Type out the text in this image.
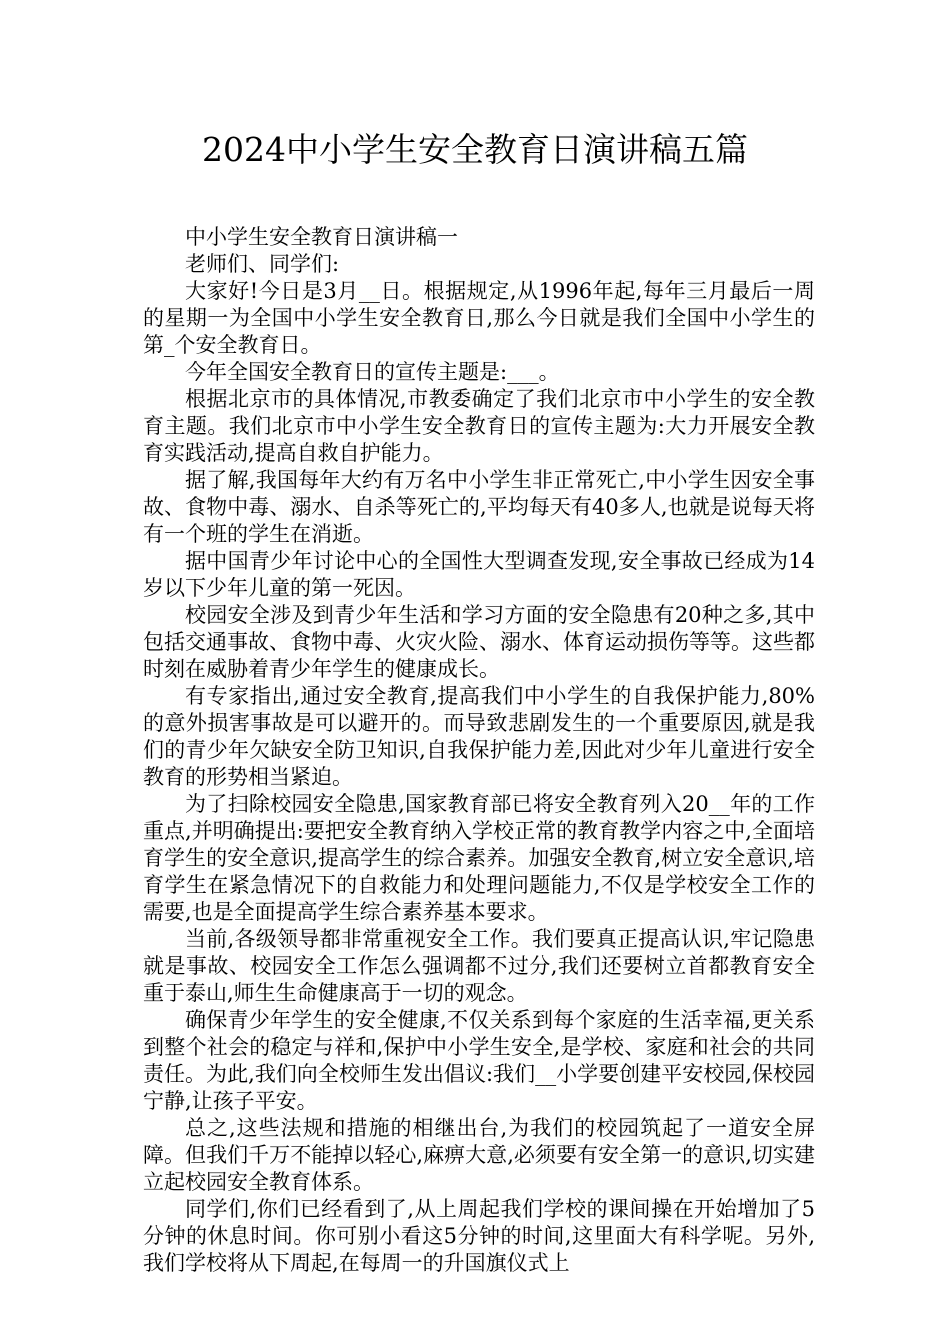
2024中小学生安全教育日演讲稿五篇

中小学生安全教育日演讲稿一

老师们、同学们:

大家好!今日是3月__日。根据规定,从1996年起,每年三月最后一周的星期一为全国中小学生安全教育日,那么今日就是我们全国中小学生的第_个安全教育日。

今年全国安全教育日的宣传主题是:___。

根据北京市的具体情况,市教委确定了我们北京市中小学生的安全教育主题。我们北京市中小学生安全教育日的宣传主题为:大力开展安全教育实践活动,提高自救自护能力。

据了解,我国每年大约有万名中小学生非正常死亡,中小学生因安全事故、食物中毒、溺水、自杀等死亡的,平均每天有40多人,也就是说每天将有一个班的学生在消逝。

据中国青少年讨论中心的全国性大型调查发现,安全事故已经成为14岁以下少年儿童的第一死因。

校园安全涉及到青少年生活和学习方面的安全隐患有20种之多,其中包括交通事故、食物中毒、火灾火险、溺水、体育运动损伤等等。这些都时刻在威胁着青少年学生的健康成长。

有专家指出,通过安全教育,提高我们中小学生的自我保护能力,80%的意外损害事故是可以避开的。而导致悲剧发生的一个重要原因,就是我们的青少年欠缺安全防卫知识,自我保护能力差,因此对少年儿童进行安全教育的形势相当紧迫。

为了扫除校园安全隐患,国家教育部已将安全教育列入20__年的工作重点,并明确提出:要把安全教育纳入学校正常的教育教学内容之中,全面培育学生的安全意识,提高学生的综合素养。加强安全教育,树立安全意识,培育学生在紧急情况下的自救能力和处理问题能力,不仅是学校安全工作的需要,也是全面提高学生综合素养基本要求。

当前,各级领导都非常重视安全工作。我们要真正提高认识,牢记隐患就是事故、校园安全工作怎么强调都不过分,我们还要树立首都教育安全重于泰山,师生生命健康高于一切的观念。

确保青少年学生的安全健康,不仅关系到每个家庭的生活幸福,更关系到整个社会的稳定与祥和,保护中小学生安全,是学校、家庭和社会的共同责任。为此,我们向全校师生发出倡议:我们__小学要创建平安校园,保校园宁静,让孩子平安。

总之,这些法规和措施的相继出台,为我们的校园筑起了一道安全屏障。但我们千万不能掉以轻心,麻痹大意,必须要有安全第一的意识,切实建立起校园安全教育体系。

同学们,你们已经看到了,从上周起我们学校的课间操在开始增加了5分钟的休息时间。你可别小看这5分钟的时间,这里面大有科学呢。另外,我们学校将从下周起,在每周一的升国旗仪式上
